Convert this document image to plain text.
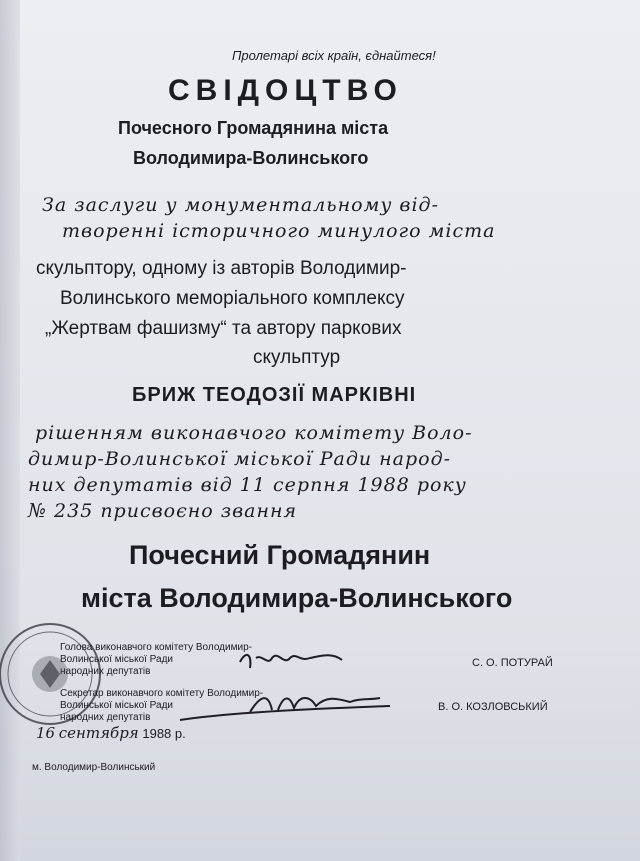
Пролетарі всіх країн, єднайтеся!
СВІДОЦТВО
Почесного Громадянина міста
Володимира-Волинського
За заслуги у монументальному від-
творенні історичного минулого міста
скульптору, одному із авторів Володимир-
Волинського меморіального комплексу
„Жертвам фашизму“ та автору паркових
скульптур
БРИЖ ТЕОДОЗІЇ МАРКІВНІ
рішенням виконавчого комітету Воло-
димир-Волинської міської Ради народ-
них депутатів від 11 серпня 1988 року
№ 235 присвоєно звання
Почесний Громадянин
міста Володимира-Волинського
Голова виконавчого комітету Володимир-
Волинської міської Ради
народних депутатів
Секретар виконавчого комітету Володимир-
Волинської міської Ради
народних депутатів
С. О. ПОТУРАЙ
В. О. КОЗЛОВСЬКИЙ
16 сентября 1988 р.
м. Володимир-Волинський
